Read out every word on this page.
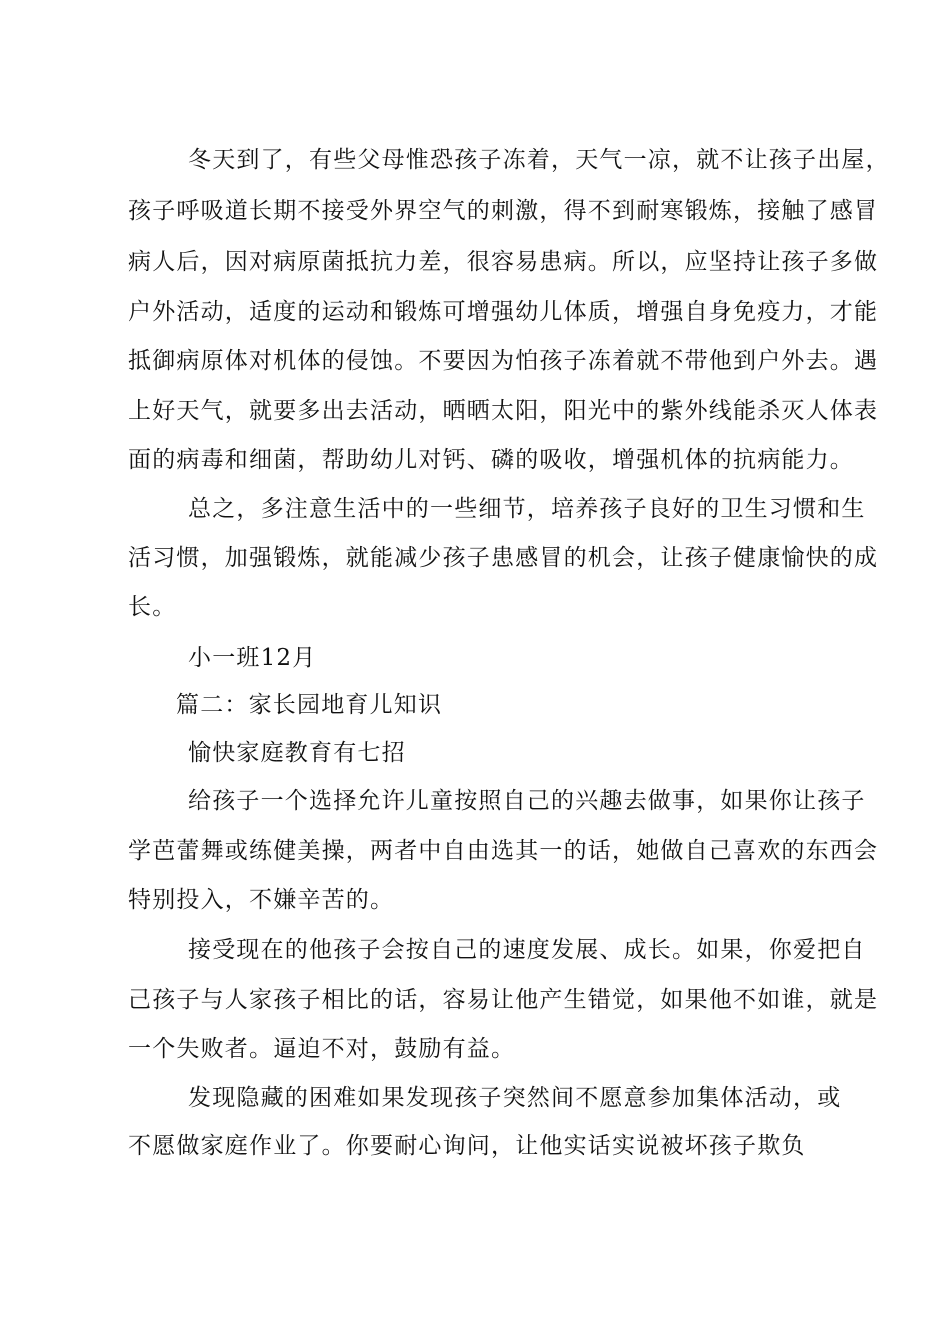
冬天到了，有些父母惟恐孩子冻着，天气一凉，就不让孩子出屋，
孩子呼吸道长期不接受外界空气的刺激，得不到耐寒锻炼，接触了感冒
病人后，因对病原菌抵抗力差，很容易患病。所以，应坚持让孩子多做
户外活动，适度的运动和锻炼可增强幼儿体质，增强自身免疫力，才能
抵御病原体对机体的侵蚀。不要因为怕孩子冻着就不带他到户外去。遇
上好天气，就要多出去活动，晒晒太阳，阳光中的紫外线能杀灭人体表
面的病毒和细菌，帮助幼儿对钙、磷的吸收，增强机体的抗病能力。
总之，多注意生活中的一些细节，培养孩子良好的卫生习惯和生
活习惯，加强锻炼，就能减少孩子患感冒的机会，让孩子健康愉快的成
长。
小一班12月
篇二：家长园地育儿知识
愉快家庭教育有七招
给孩子一个选择允许儿童按照自己的兴趣去做事，如果你让孩子
学芭蕾舞或练健美操，两者中自由选其一的话，她做自己喜欢的东西会
特别投入，不嫌辛苦的。
接受现在的他孩子会按自己的速度发展、成长。如果，你爱把自
己孩子与人家孩子相比的话，容易让他产生错觉，如果他不如谁，就是
一个失败者。逼迫不对，鼓励有益。
发现隐藏的困难如果发现孩子突然间不愿意参加集体活动，或
不愿做家庭作业了。你要耐心询问，让他实话实说被坏孩子欺负
